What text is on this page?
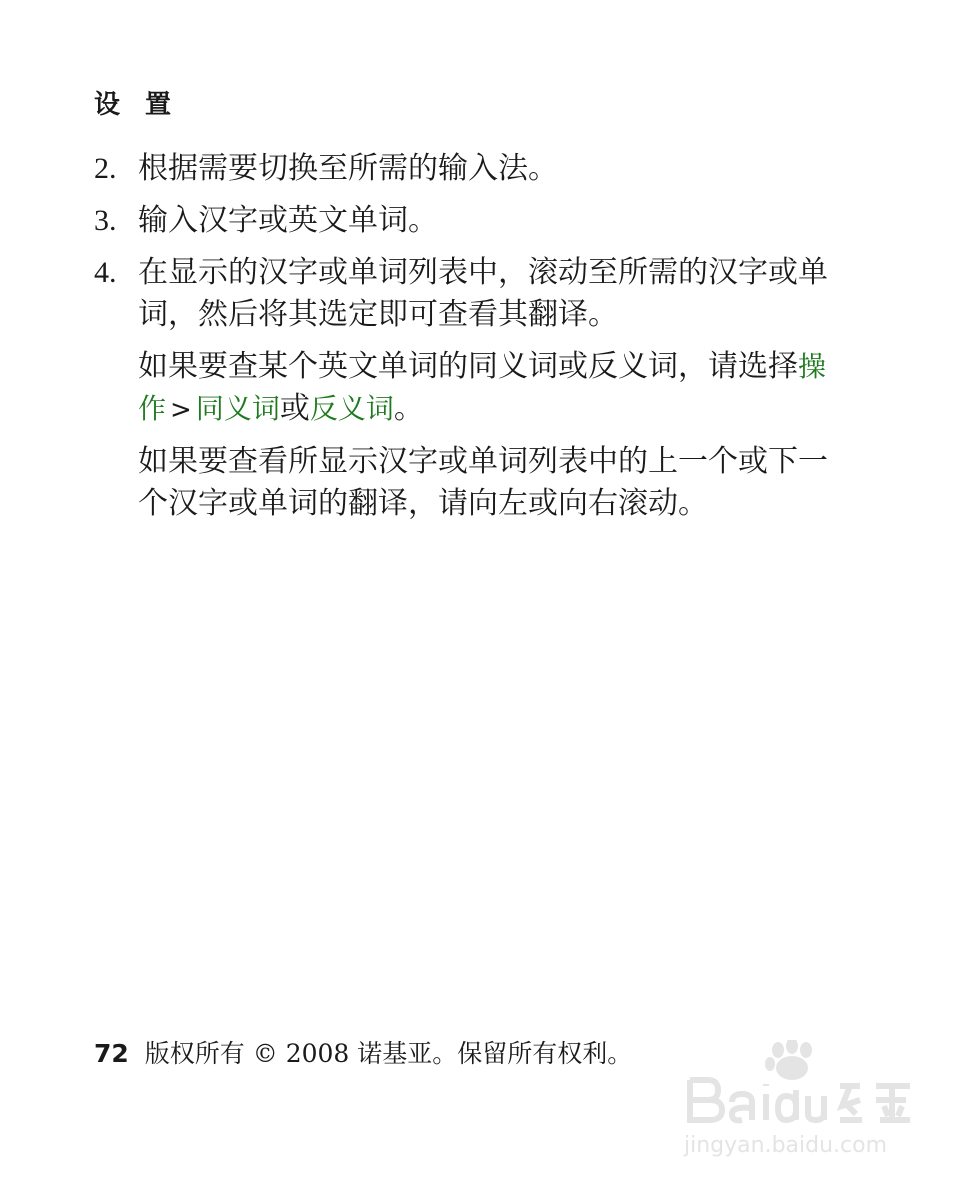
设 置
2. 根据需要切换至所需的输入法。

3. 输入汉字或英文单词。

4. 在显示的汉字或单词列表中，滚动至所需的汉字或单词，然后将其选定即可查看其翻译。

如果要查某个英文单词的同义词或反义词，请选择操作 > 同义词或反义词。

如果要查看所显示汉字或单词列表中的上一个或下一个汉字或单词的翻译，请向左或向右滚动。

72 版权所有 © 2008 诺基亚。保留所有权利。
jingyan.baidu.com
